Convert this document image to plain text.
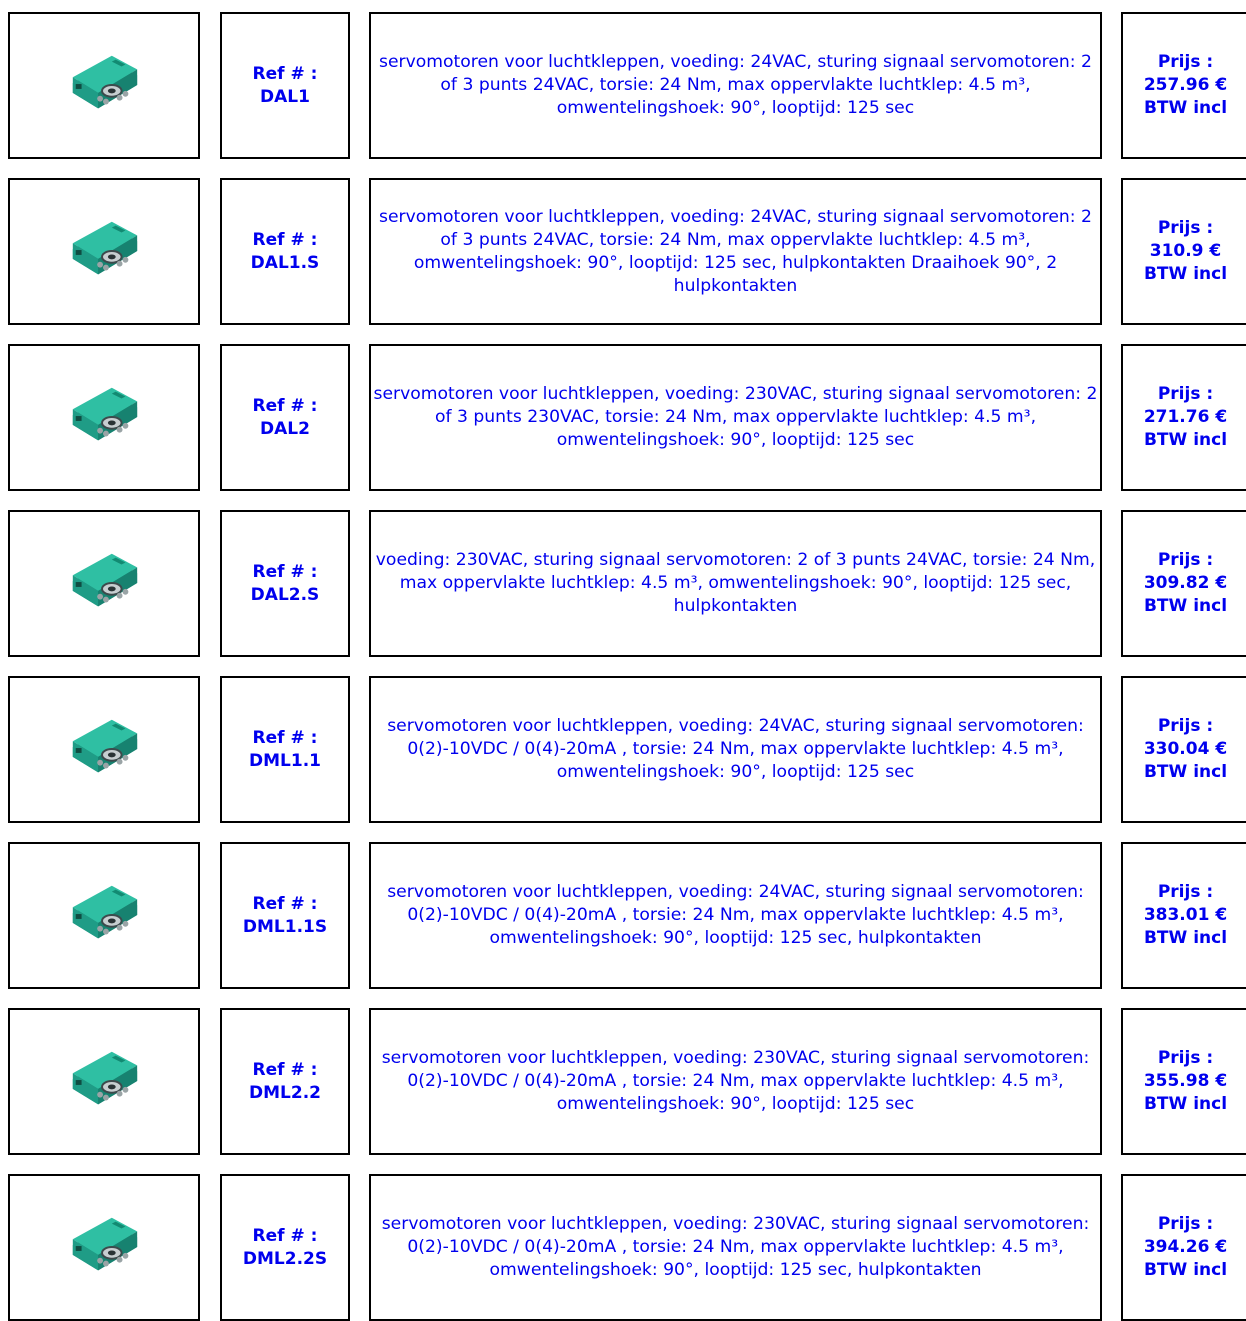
Ref # :
DAL1
servomotoren voor luchtkleppen, voeding: 24VAC, sturing signaal servomotoren: 2 of 3 punts 24VAC, torsie: 24 Nm, max oppervlakte luchtklep: 4.5 m³, omwentelingshoek: 90°, looptijd: 125 sec
Prijs :
257.96 €
BTW incl
Ref # :
DAL1.S
servomotoren voor luchtkleppen, voeding: 24VAC, sturing signaal servomotoren: 2 of 3 punts 24VAC, torsie: 24 Nm, max oppervlakte luchtklep: 4.5 m³, omwentelingshoek: 90°, looptijd: 125 sec, hulpkontakten Draaihoek 90°, 2 hulpkontakten
Prijs :
310.9 €
BTW incl
Ref # :
DAL2
servomotoren voor luchtkleppen, voeding: 230VAC, sturing signaal servomotoren: 2 of 3 punts 230VAC, torsie: 24 Nm, max oppervlakte luchtklep: 4.5 m³, omwentelingshoek: 90°, looptijd: 125 sec
Prijs :
271.76 €
BTW incl
Ref # :
DAL2.S
voeding: 230VAC, sturing signaal servomotoren: 2 of 3 punts 24VAC, torsie: 24 Nm, max oppervlakte luchtklep: 4.5 m³, omwentelingshoek: 90°, looptijd: 125 sec, hulpkontakten
Prijs :
309.82 €
BTW incl
Ref # :
DML1.1
servomotoren voor luchtkleppen, voeding: 24VAC, sturing signaal servomotoren: 0(2)-10VDC / 0(4)-20mA , torsie: 24 Nm, max oppervlakte luchtklep: 4.5 m³, omwentelingshoek: 90°, looptijd: 125 sec
Prijs :
330.04 €
BTW incl
Ref # :
DML1.1S
servomotoren voor luchtkleppen, voeding: 24VAC, sturing signaal servomotoren: 0(2)-10VDC / 0(4)-20mA , torsie: 24 Nm, max oppervlakte luchtklep: 4.5 m³, omwentelingshoek: 90°, looptijd: 125 sec, hulpkontakten
Prijs :
383.01 €
BTW incl
Ref # :
DML2.2
servomotoren voor luchtkleppen, voeding: 230VAC, sturing signaal servomotoren: 0(2)-10VDC / 0(4)-20mA , torsie: 24 Nm, max oppervlakte luchtklep: 4.5 m³, omwentelingshoek: 90°, looptijd: 125 sec
Prijs :
355.98 €
BTW incl
Ref # :
DML2.2S
servomotoren voor luchtkleppen, voeding: 230VAC, sturing signaal servomotoren: 0(2)-10VDC / 0(4)-20mA , torsie: 24 Nm, max oppervlakte luchtklep: 4.5 m³, omwentelingshoek: 90°, looptijd: 125 sec, hulpkontakten
Prijs :
394.26 €
BTW incl
